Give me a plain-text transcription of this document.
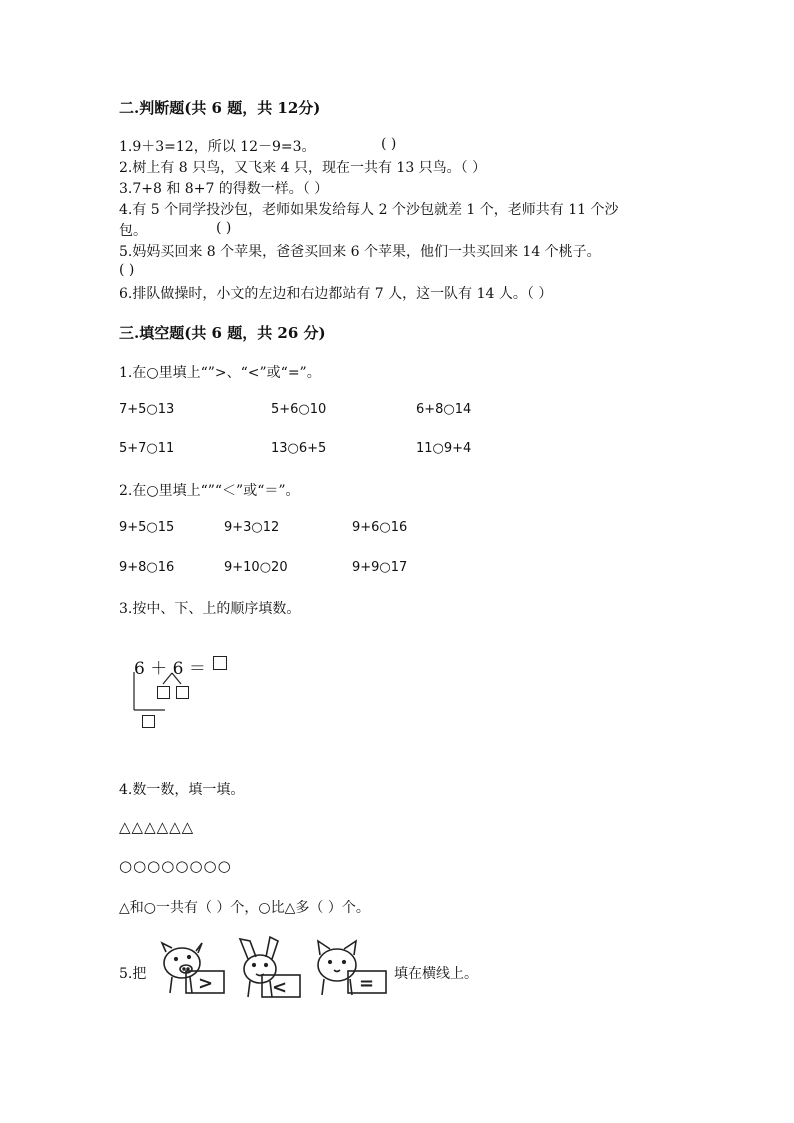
二.判断题(共 6 题，共 12分)
1.9＋3=12，所以 12－9=3。	( )
2.树上有 8 只鸟，又飞来 4 只，现在一共有 13 只鸟。（ ）
3.7+8 和 8+7 的得数一样。（ ）
4.有 5 个同学投沙包，老师如果发给每人 2 个沙包就差 1 个，老师共有 11 个沙
包。	( )
5.妈妈买回来 8 个苹果，爸爸买回来 6 个苹果，他们一共买回来 14 个桃子。
( )
6.排队做操时，小文的左边和右边都站有 7 人，这一队有 14 人。（ ）
三.填空题(共 6 题，共 26 分)
1.在○里填上“”>、“<”或“=”。
7+5○13	5+6○10	6+8○14
5+7○11	13○6+5	11○9+4
2.在○里填上“”“＜”或“＝”。
9+5○15	9+3○12	9+6○16
9+8○16	9+10○20	9+9○17
3.按中、下、上的顺序填数。
6 ＋ 6 ＝
4.数一数，填一填。
△△△△△△
○○○○○○○○
△和○一共有（ ）个，○比△多（ ）个。
5.把	>	<	= 填在横线上。
